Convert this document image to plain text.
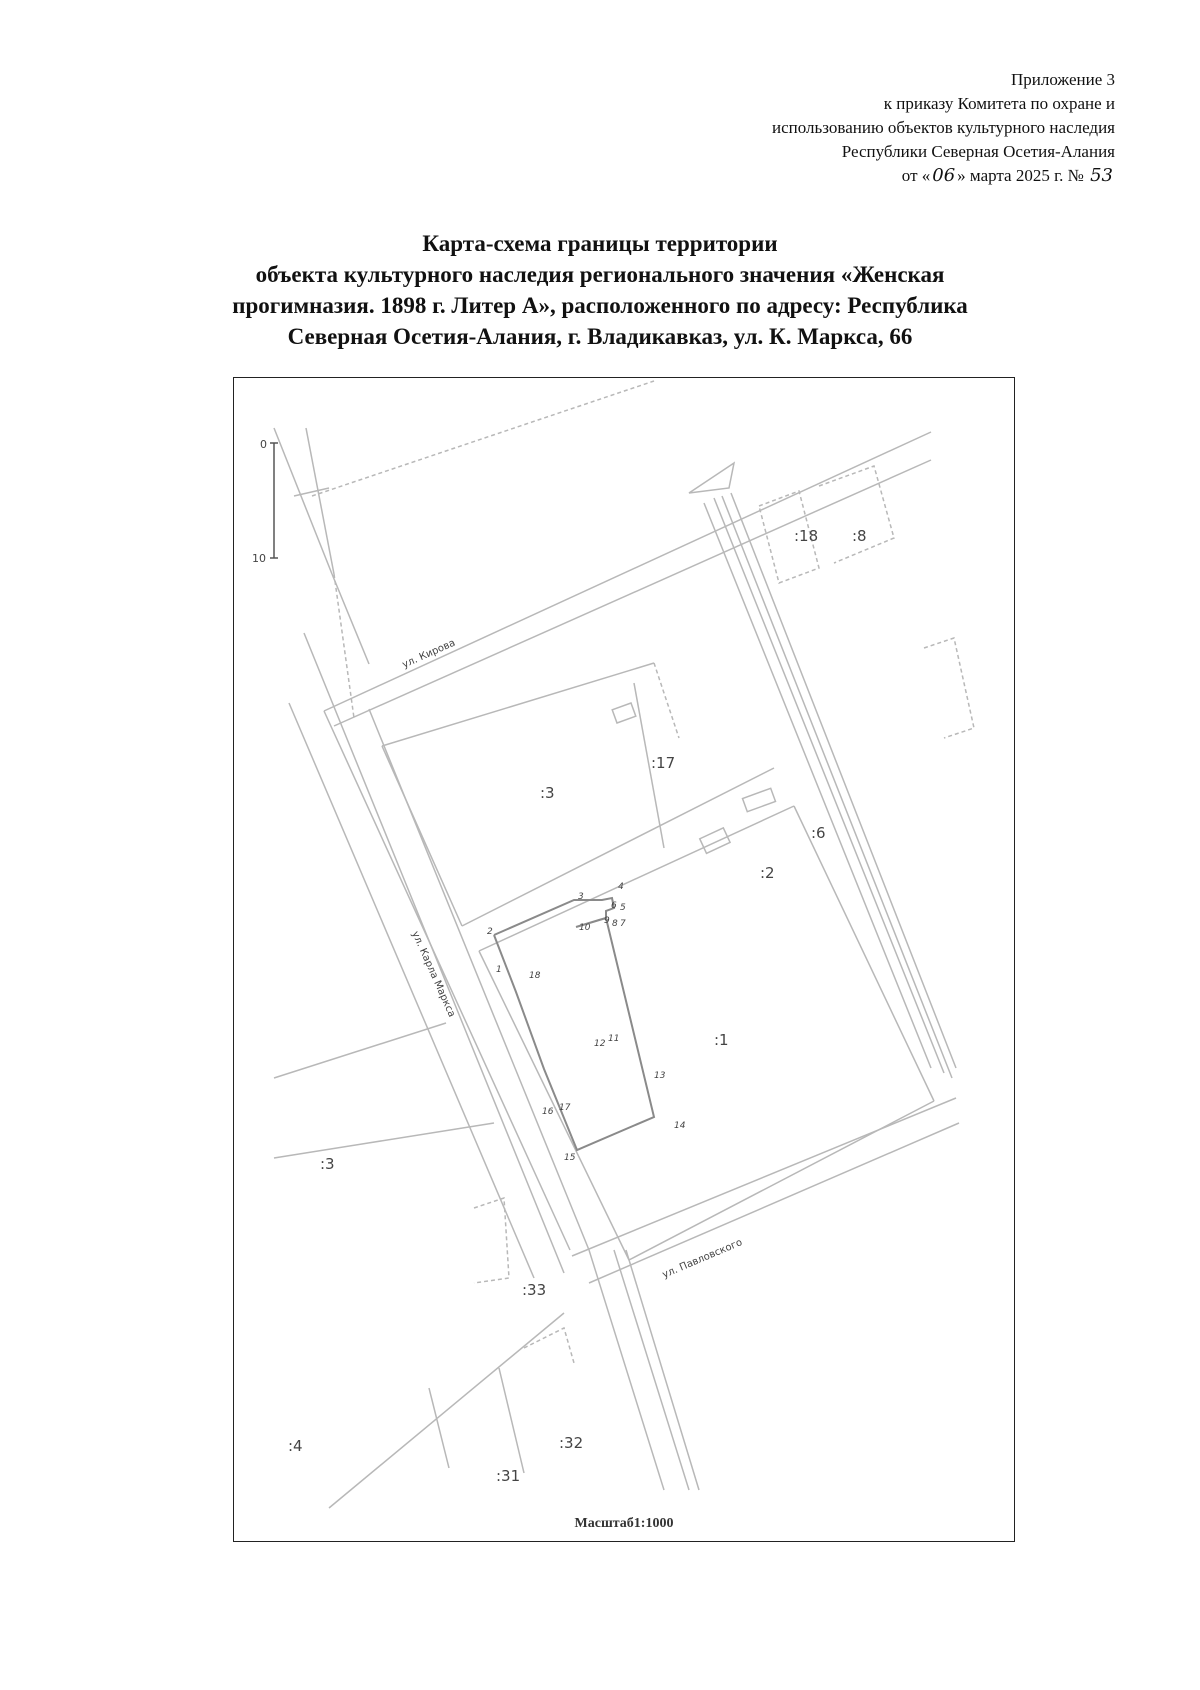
Приложение 3
к приказу Комитета по охране и
использованию объектов культурного наследия
Республики Северная Осетия-Алания
от « 06 » марта 2025 г. № 53
Карта-схема границы территории
объекта культурного наследия регионального значения «Женская
прогимназия. 1898 г. Литер А», расположенного по адресу: Республика
Северная Осетия-Алания, г. Владикавказ, ул. К. Маркса, 66
0
10
ул. Кирова
ул. Карла Маркса
ул. Павловского
:18 :8
:17
:3
:6
:2
:1
:3
:33
:4	:32
:31
1
2
3
4
5
6
7
8
9
10
11
12
13
14
15
16 17
18
Масштаб1:1000
